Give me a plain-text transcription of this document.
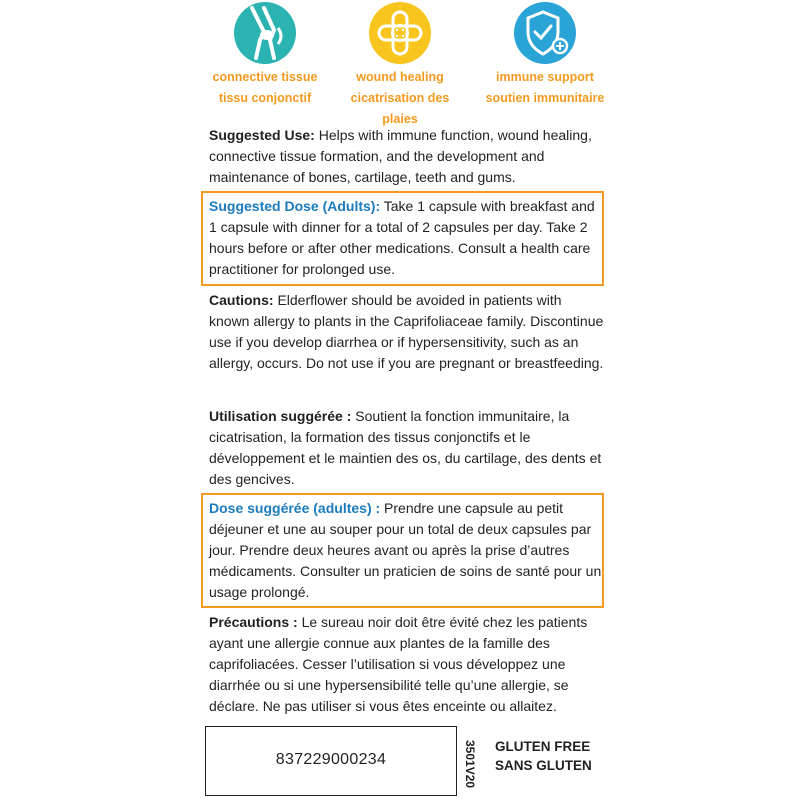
connective tissue
tissu conjonctif
wound healing
cicatrisation des plaies
immune support
soutien immunitaire
Suggested Use: Helps with immune function, wound healing, connective tissue formation, and the development and maintenance of bones, cartilage, teeth and gums.
Suggested Dose (Adults): Take 1 capsule with breakfast and 1 capsule with dinner for a total of 2 capsules per day. Take 2 hours before or after other medications. Consult a health care practitioner for prolonged use.
Cautions: Elderflower should be avoided in patients with known allergy to plants in the Caprifoliaceae family. Discontinue use if you develop diarrhea or if hypersensitivity, such as an allergy, occurs. Do not use if you are pregnant or breastfeeding.
Utilisation suggérée : Soutient la fonction immunitaire, la cicatrisation, la formation des tissus conjonctifs et le développement et le maintien des os, du cartilage, des dents et des gencives.
Dose suggérée (adultes) : Prendre une capsule au petit déjeuner et une au souper pour un total de deux capsules par jour. Prendre deux heures avant ou après la prise d’autres médicaments. Consulter un praticien de soins de santé pour un usage prolongé.
Précautions : Le sureau noir doit être évité chez les patients ayant une allergie connue aux plantes de la famille des caprifoliacées. Cesser l’utilisation si vous développez une diarrhée ou si une hypersensibilité telle qu’une allergie, se déclare. Ne pas utiliser si vous êtes enceinte ou allaitez.
837229000234	3501V20 GLUTEN FREE
SANS GLUTEN
